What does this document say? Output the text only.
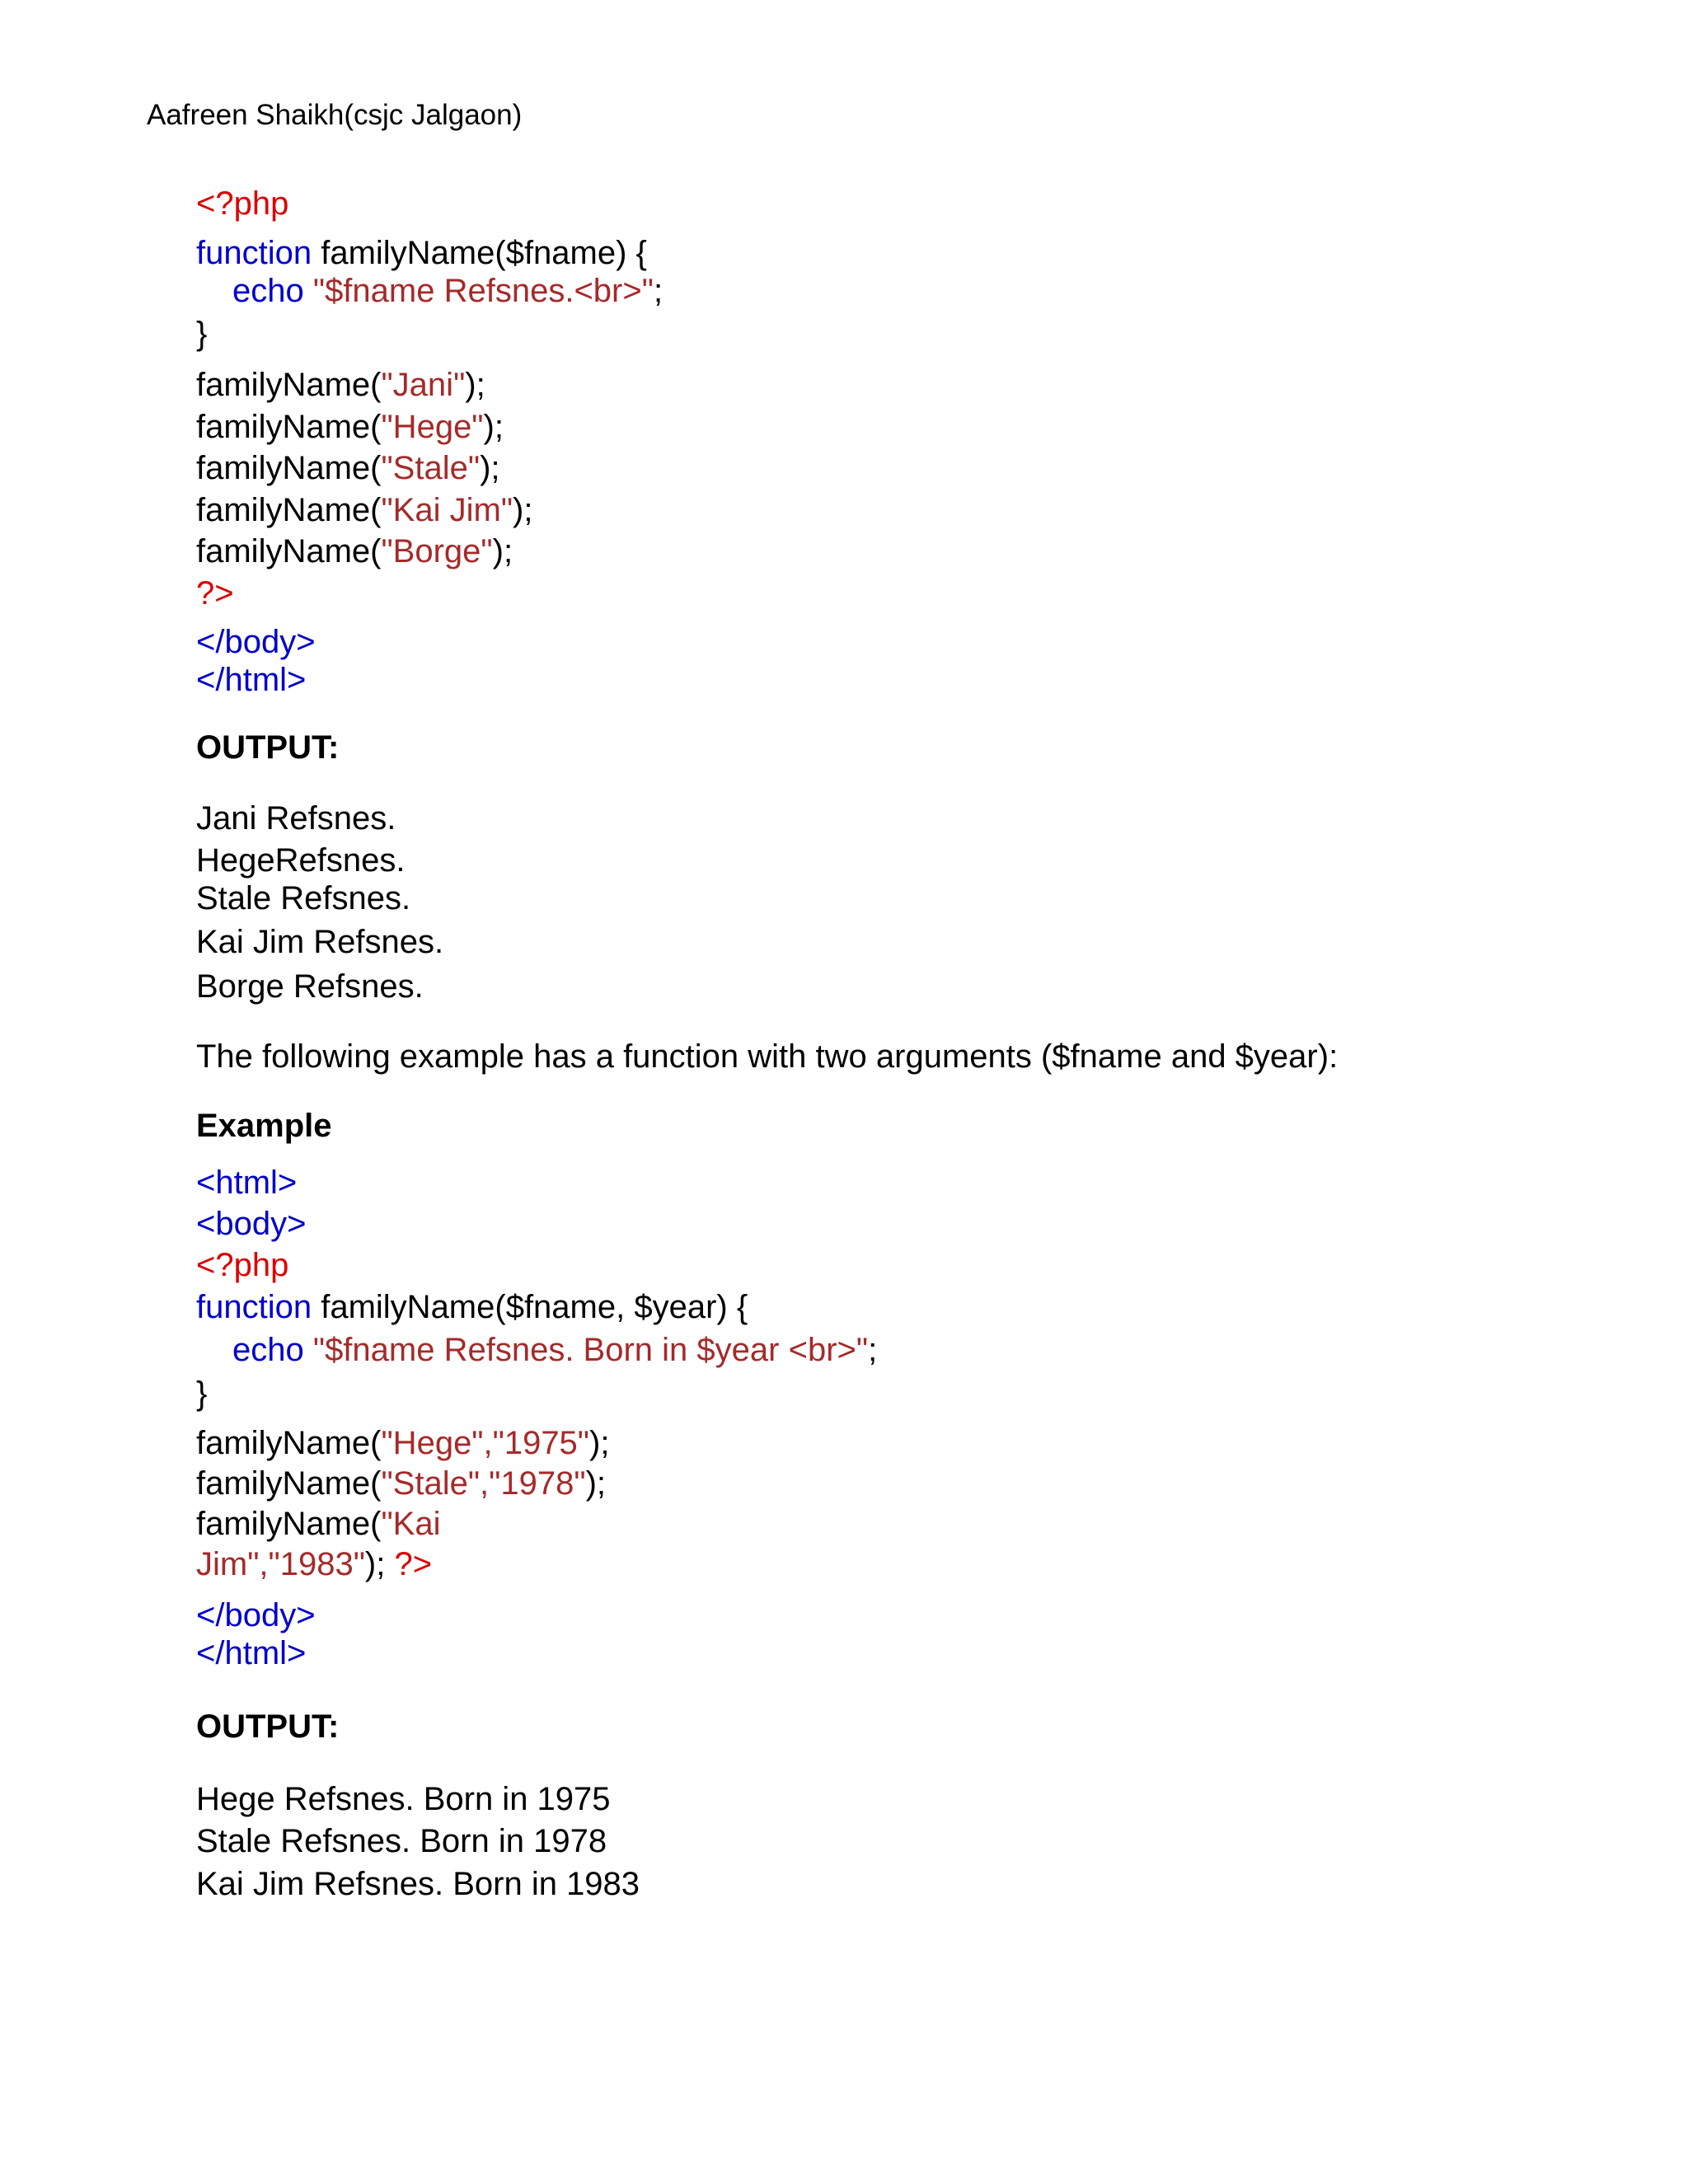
Aafreen Shaikh(csjc Jalgaon)
<?php
function familyName($fname) {
echo "$fname Refsnes.<br>";
}
familyName("Jani");
familyName("Hege");
familyName("Stale");
familyName("Kai Jim");
familyName("Borge");
?>
</body>
</html>
OUTPUT:
Jani Refsnes.
HegeRefsnes.
Stale Refsnes.
Kai Jim Refsnes.
Borge Refsnes.
The following example has a function with two arguments ($fname and $year):
Example
<html>
<body>
<?php
function familyName($fname, $year) {
echo "$fname Refsnes. Born in $year <br>";
}
familyName("Hege","1975");
familyName("Stale","1978");
familyName("Kai
Jim","1983"); ?>
</body>
</html>
OUTPUT:
Hege Refsnes. Born in 1975
Stale Refsnes. Born in 1978
Kai Jim Refsnes. Born in 1983
